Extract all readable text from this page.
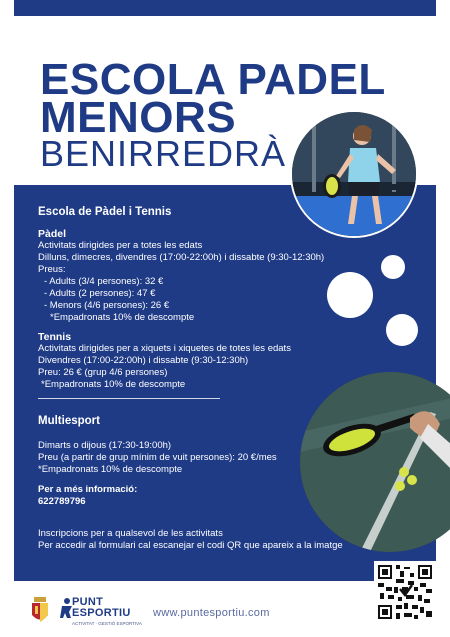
ESCOLA PADEL
MENORS
BENIRREDRÀ
Escola de Pàdel i Tennis
Pàdel
Activitats dirigides per a totes les edats
Dilluns, dimecres, divendres (17:00-22:00h) i dissabte (9:30-12:30h)
Preus:
- Adults (3/4 persones): 32 €
- Adults (2 persones): 47 €
- Menors (4/6 persones): 26 €
*Empadronats 10% de descompte
Tennis
Activitats dirigides per a xiquets i xiquetes de totes les edats
Divendres (17:00-22:00h) i dissabte (9:30-12:30h)
Preu: 26 € (grup 4/6 persones)
*Empadronats 10% de descompte
Multiesport
Dimarts o dijous (17:30-19:00h)
Preu (a partir de grup mínim de vuit persones): 20 €/mes
*Empadronats 10% de descompte
Per a més informació:
622789796
Inscripcions per a qualsevol de les activitats
Per accedir al formulari cal escanejar el codi QR que apareix a la imatge
PUNT
ESPORTIU
ACTIVITAT · GESTIÓ ESPORTIVA
www.puntesportiu.com
